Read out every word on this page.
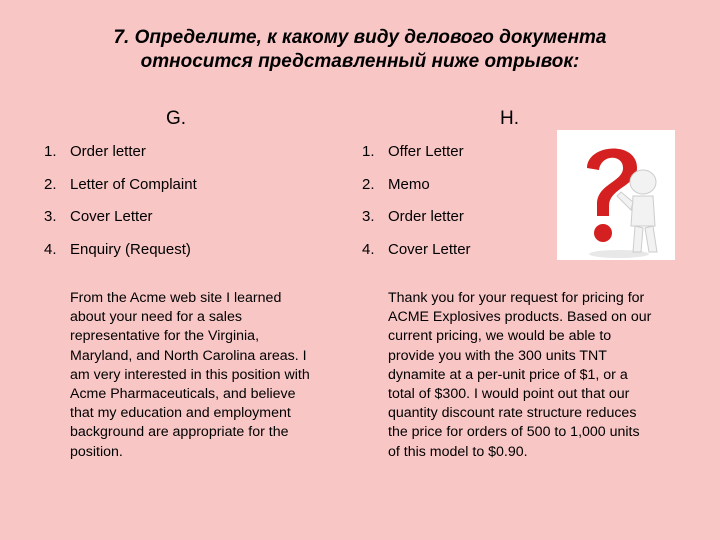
7. Определите, к какому виду делового документа
относится представленный ниже отрывок:
G.	H.
1. Order letter
2. Letter of Complaint
3. Cover Letter
4. Enquiry (Request)
1. Offer Letter
2. Memo
3. Order letter
4. Cover Letter
From the Acme web site I learned about your need for a sales representative for the Virginia, Maryland, and North Carolina areas. I am very interested in this position with Acme Pharmaceuticals, and believe that my education and employment background are appropriate for the position.
Thank you for your request for pricing for ACME Explosives products. Based on our current pricing, we would be able to provide you with the 300 units TNT dynamite at a per-unit price of $1, or a total of $300. I would point out that our quantity discount rate structure reduces the price for orders of 500 to 1,000 units of this model to $0.90.
